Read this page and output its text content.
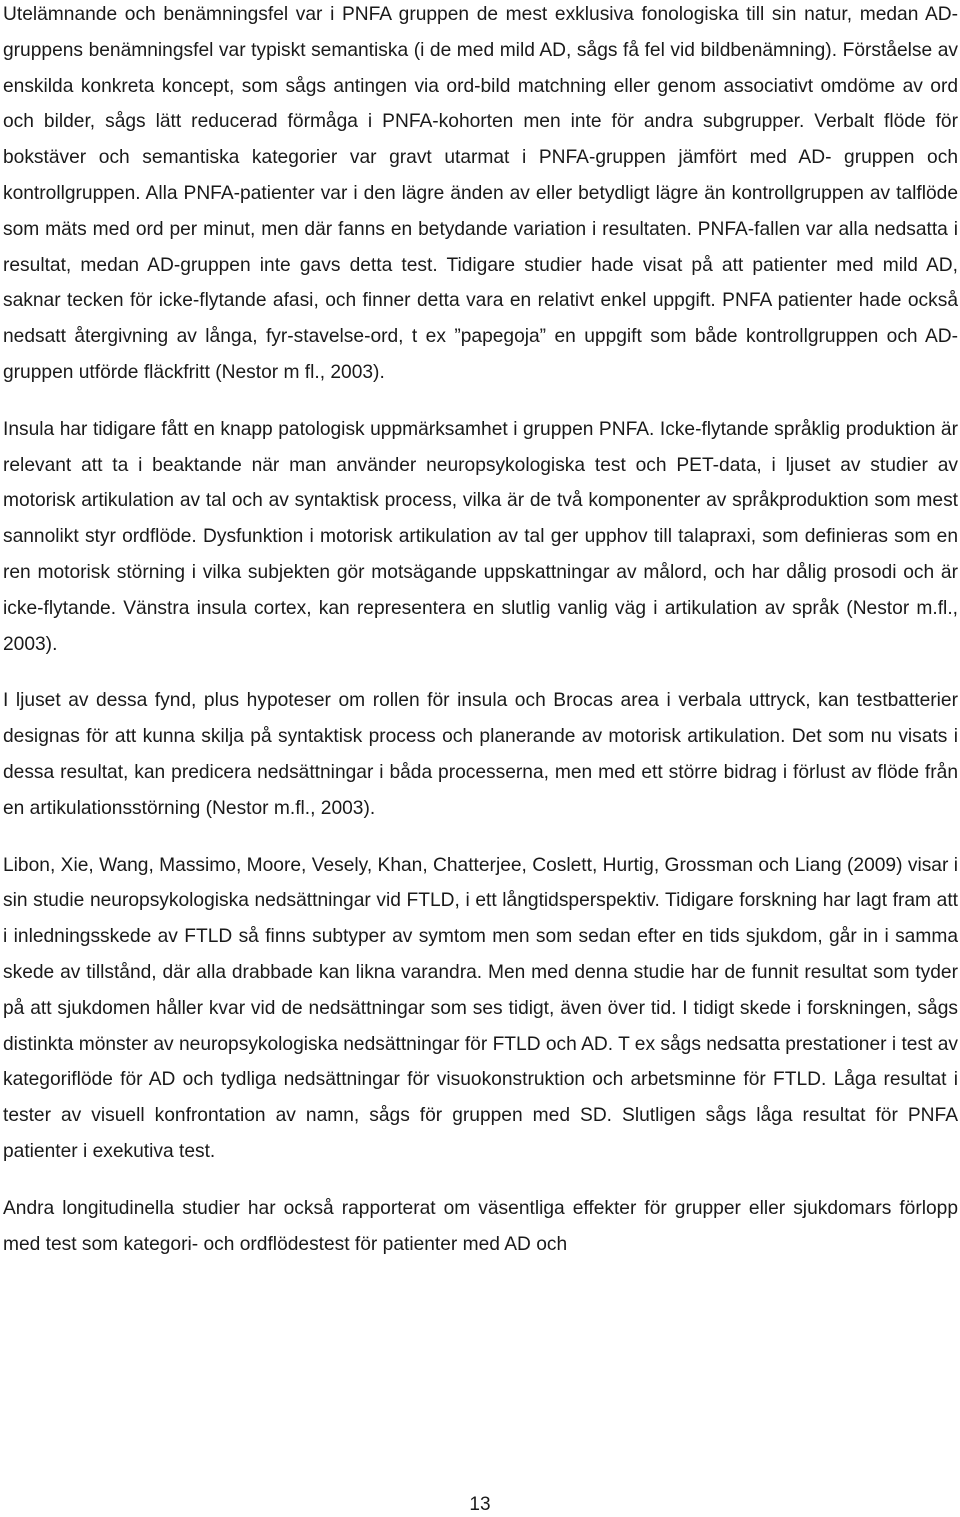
Utelämnande och benämningsfel var i PNFA gruppen de mest exklusiva fonologiska till sin natur, medan AD-gruppens benämningsfel var typiskt semantiska (i de med mild AD, sågs få fel vid bildbenämning). Förståelse av enskilda konkreta koncept, som sågs antingen via ord-bild matchning eller genom associativt omdöme av ord och bilder, sågs lätt reducerad förmåga i PNFA-kohorten men inte för andra subgrupper. Verbalt flöde för bokstäver och semantiska kategorier var gravt utarmat i PNFA-gruppen jämfört med AD- gruppen och kontrollgruppen. Alla PNFA-patienter var i den lägre änden av eller betydligt lägre än kontrollgruppen av talflöde som mäts med ord per minut, men där fanns en betydande variation i resultaten. PNFA-fallen var alla nedsatta i resultat, medan AD-gruppen inte gavs detta test. Tidigare studier hade visat på att patienter med mild AD, saknar tecken för icke-flytande afasi, och finner detta vara en relativt enkel uppgift. PNFA patienter hade också nedsatt återgivning av långa, fyr-stavelse-ord, t ex ”papegoja” en uppgift som både kontrollgruppen och AD-gruppen utförde fläckfritt (Nestor m fl., 2003).

Insula har tidigare fått en knapp patologisk uppmärksamhet i gruppen PNFA. Icke-flytande språklig produktion är relevant att ta i beaktande när man använder neuropsykologiska test och PET-data, i ljuset av studier av motorisk artikulation av tal och av syntaktisk process, vilka är de två komponenter av språkproduktion som mest sannolikt styr ordflöde. Dysfunktion i motorisk artikulation av tal ger upphov till talapraxi, som definieras som en ren motorisk störning i vilka subjekten gör motsägande uppskattningar av målord, och har dålig prosodi och är icke-flytande. Vänstra insula cortex, kan representera en slutlig vanlig väg i artikulation av språk (Nestor m.fl., 2003).

I ljuset av dessa fynd, plus hypoteser om rollen för insula och Brocas area i verbala uttryck, kan testbatterier designas för att kunna skilja på syntaktisk process och planerande av motorisk artikulation. Det som nu visats i dessa resultat, kan predicera nedsättningar i båda processerna, men med ett större bidrag i förlust av flöde från en artikulationsstörning (Nestor m.fl., 2003).

Libon, Xie, Wang, Massimo, Moore, Vesely, Khan, Chatterjee, Coslett, Hurtig, Grossman och Liang (2009) visar i sin studie neuropsykologiska nedsättningar vid FTLD, i ett långtidsperspektiv. Tidigare forskning har lagt fram att i inledningsskede av FTLD så finns subtyper av symtom men som sedan efter en tids sjukdom, går in i samma skede av tillstånd, där alla drabbade kan likna varandra. Men med denna studie har de funnit resultat som tyder på att sjukdomen håller kvar vid de nedsättningar som ses tidigt, även över tid. I tidigt skede i forskningen, sågs distinkta mönster av neuropsykologiska nedsättningar för FTLD och AD. T ex sågs nedsatta prestationer i test av kategoriflöde för AD och tydliga nedsättningar för visuokonstruktion och arbetsminne för FTLD. Låga resultat i tester av visuell konfrontation av namn, sågs för gruppen med SD. Slutligen sågs låga resultat för PNFA patienter i exekutiva test.

Andra longitudinella studier har också rapporterat om väsentliga effekter för grupper eller sjukdomars förlopp med test som kategori- och ordflödestest för patienter med AD och

13
